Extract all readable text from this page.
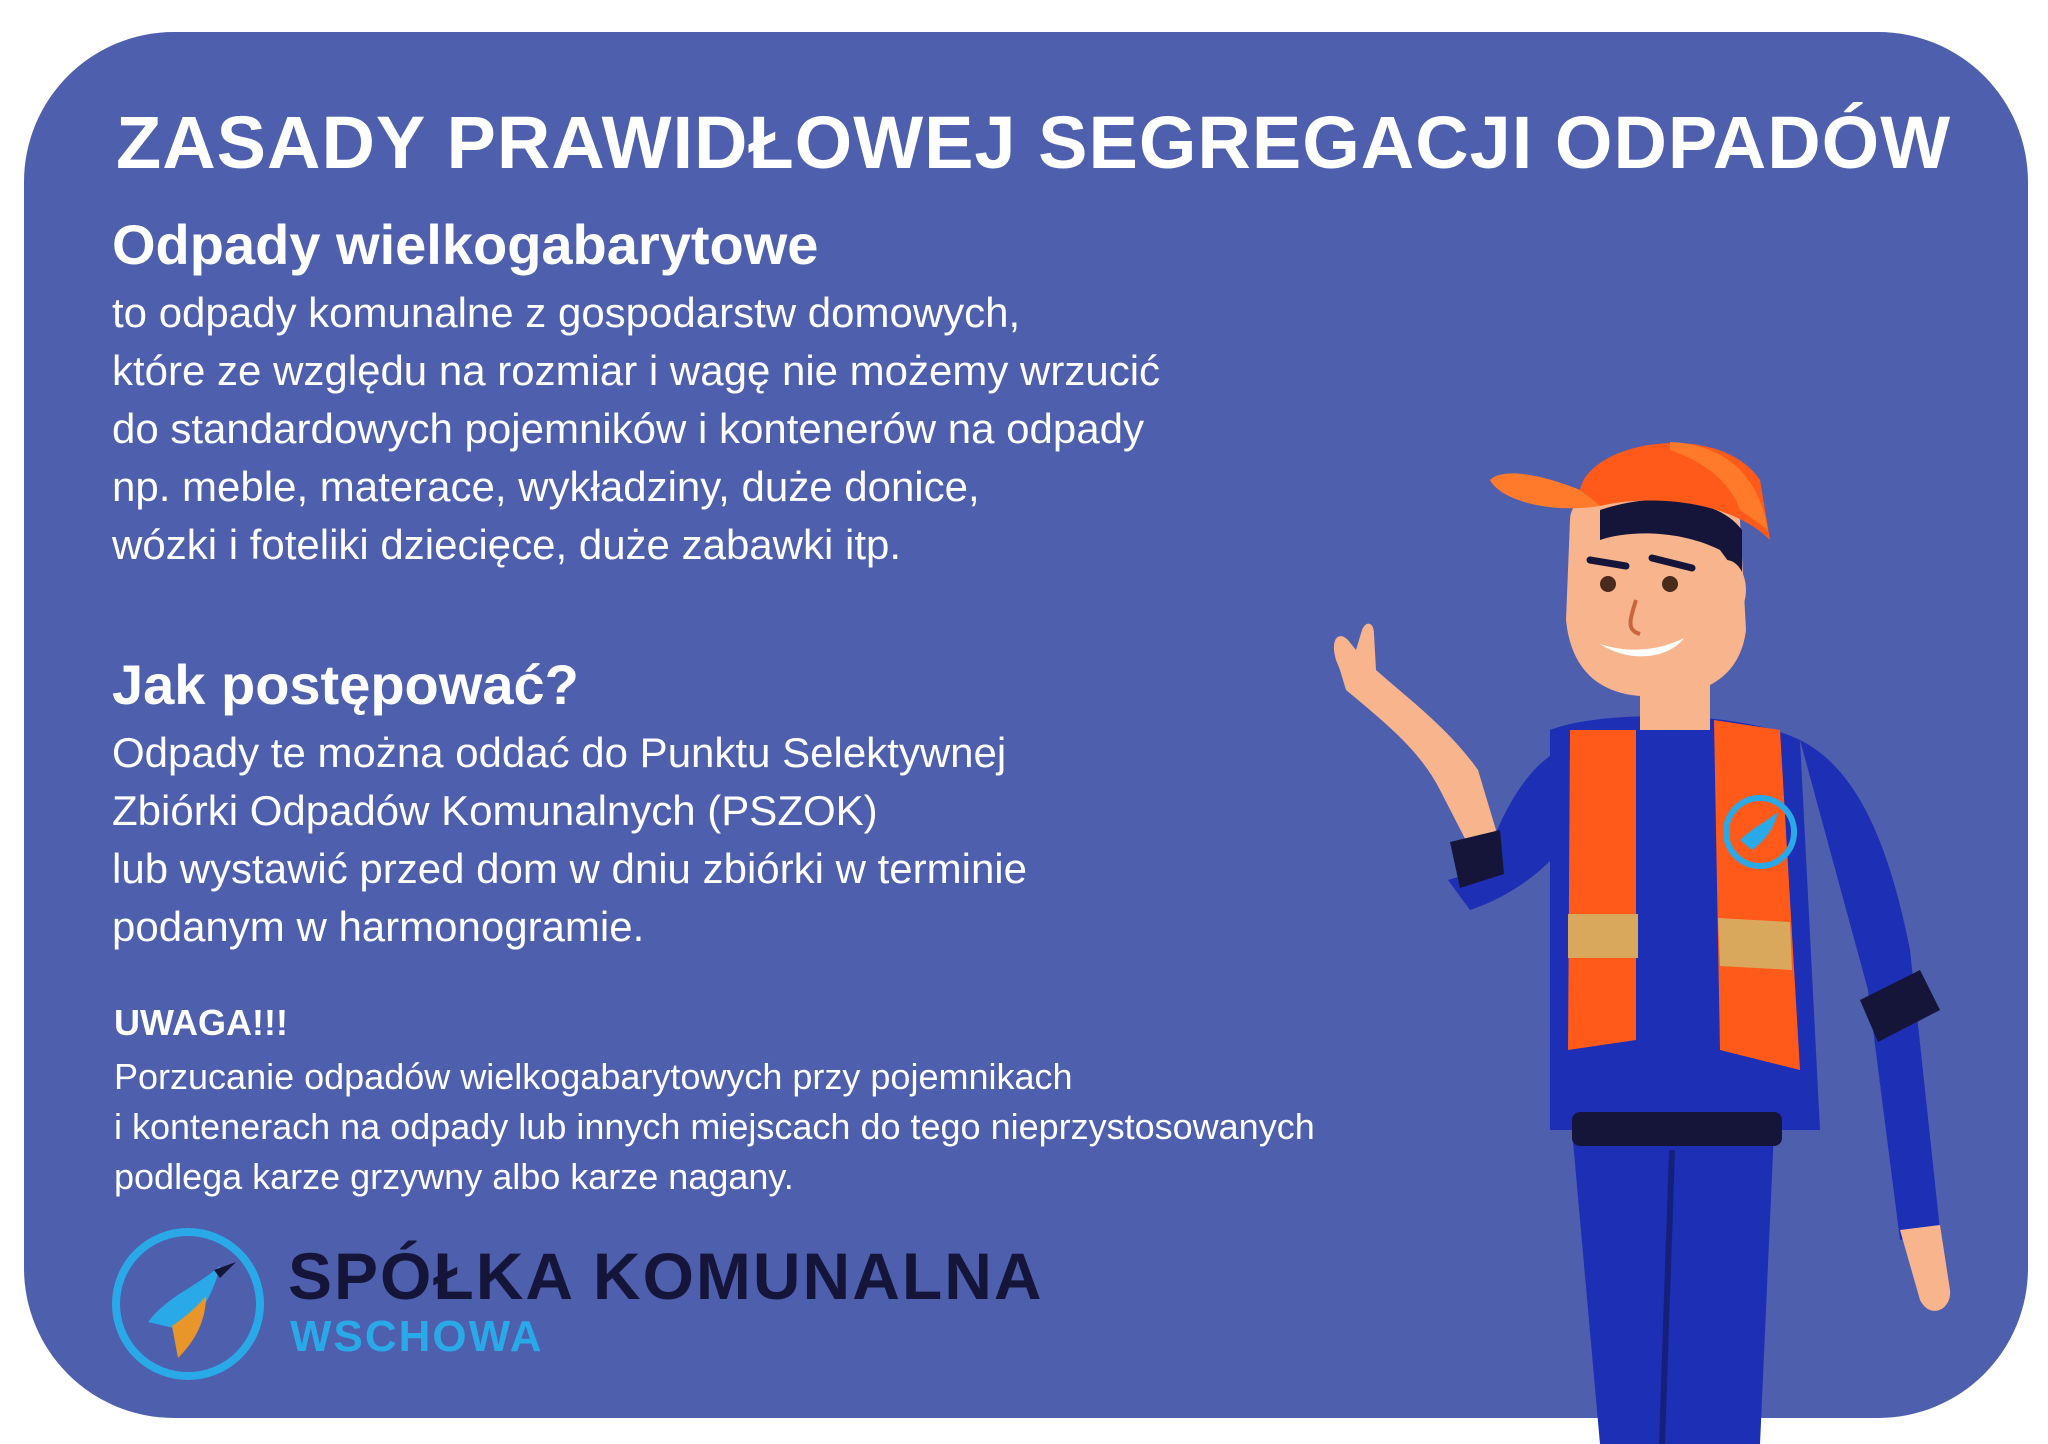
ZASADY PRAWIDŁOWEJ SEGREGACJI ODPADÓW
Odpady wielkogabarytowe

to odpady komunalne z gospodarstw domowych,
które ze względu na rozmiar i wagę nie możemy wrzucić
do standardowych pojemników i kontenerów na odpady
np. meble, materace, wykładziny, duże donice,
wózki i foteliki dziecięce, duże zabawki itp.

Jak postępować?

Odpady te można oddać do Punktu Selektywnej
Zbiórki Odpadów Komunalnych (PSZOK)
lub wystawić przed dom w dniu zbiórki w terminie
podanym w harmonogramie.

UWAGA!!!

Porzucanie odpadów wielkogabarytowych przy pojemnikach
i kontenerach na odpady lub innych miejscach do tego nieprzystosowanych
podlega karze grzywny albo karze nagany.

SPÓŁKA KOMUNALNA
WSCHOWA
